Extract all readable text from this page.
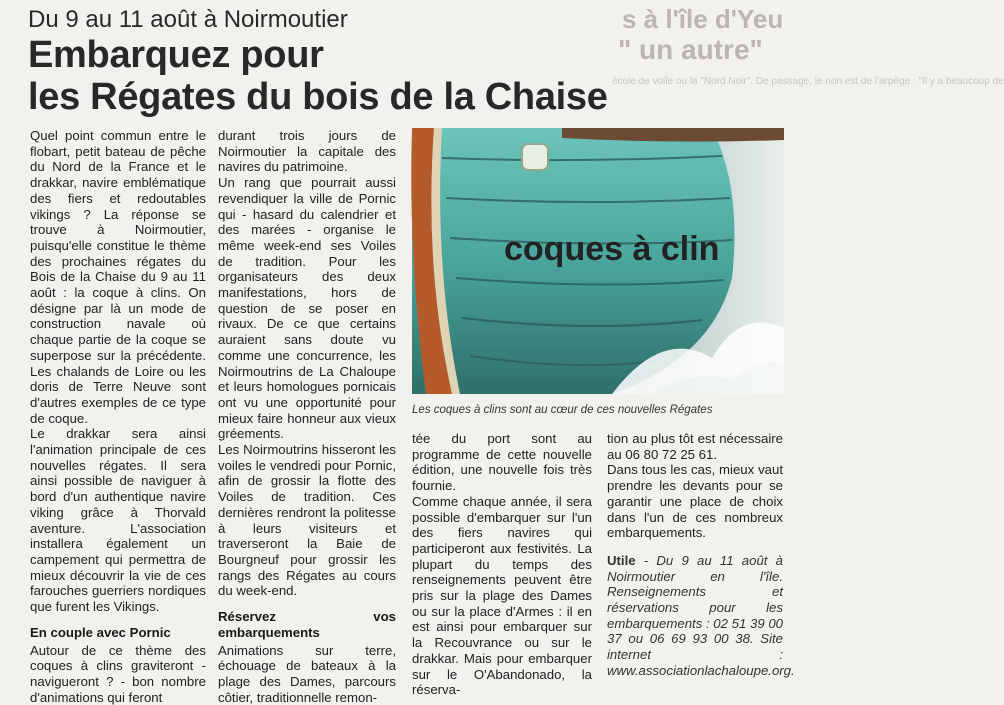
Du 9 au 11 août à Noirmoutier
Embarquez pour
les Régates du bois de la Chaise
s à l'île d'Yeu
" un autre"
école de voile ou la "Nord Noir". De passage, le non est de l'arpège : "Il y a beaucoup de

Quel point commun entre le flobart, petit bateau de pêche du Nord de la France et le drakkar, navire emblématique des fiers et redoutables vikings ? La réponse se trouve à Noirmoutier, puisqu'elle constitue le thème des prochaines régates du Bois de la Chaise du 9 au 11 août : la coque à clins. On désigne par là un mode de construction navale où chaque partie de la coque se superpose sur la précédente. Les chalands de Loire ou les doris de Terre Neuve sont d'autres exemples de ce type de coque.

Le drakkar sera ainsi l'animation principale de ces nouvelles régates. Il sera ainsi possible de naviguer à bord d'un authentique navire viking grâce à Thorvald aventure. L'association installera également un campement qui permettra de mieux découvrir la vie de ces farouches guerriers nordiques que furent les Vikings.

En couple avec Pornic

Autour de ce thème des coques à clins graviteront - navigueront ? - bon nombre d'animations qui feront

durant trois jours de Noirmoutier la capitale des navires du patrimoine.

Un rang que pourrait aussi revendiquer la ville de Pornic qui - hasard du calendrier et des marées - organise le même week-end ses Voiles de tradition. Pour les organisateurs des deux manifestations, hors de question de se poser en rivaux. De ce que certains auraient sans doute vu comme une concurrence, les Noirmoutrins de La Chaloupe et leurs homologues pornicais ont vu une opportunité pour mieux faire honneur aux vieux gréements.

Les Noirmoutrins hisseront les voiles le vendredi pour Pornic, afin de grossir la flotte des Voiles de tradition. Ces dernières rendront la politesse à leurs visiteurs et traverseront la Baie de Bourgneuf pour grossir les rangs des Régates au cours du week-end.

Réservez vos embarquements

Animations sur terre, échouage de bateaux à la plage des Dames, parcours côtier, traditionnelle remon-

coques à clin
Les coques à clins sont au cœur de ces nouvelles Régates

tée du port sont au programme de cette nouvelle édition, une nouvelle fois très fournie.

Comme chaque année, il sera possible d'embarquer sur l'un des fiers navires qui participeront aux festivités. La plupart du temps des renseignements peuvent être pris sur la plage des Dames ou sur la place d'Armes : il en est ainsi pour embarquer sur la Recouvrance ou sur le drakkar. Mais pour embarquer sur le O'Abandonado, la réserva-

tion au plus tôt est nécessaire au 06 80 72 25 61.

Dans tous les cas, mieux vaut prendre les devants pour se garantir une place de choix dans l'un de ces nombreux embarquements.

Utile - Du 9 au 11 août à Noirmoutier en l'île. Renseignements et réservations pour les embarquements : 02 51 39 00 37 ou 06 69 93 00 38. Site internet : www.associationlachaloupe.org.
